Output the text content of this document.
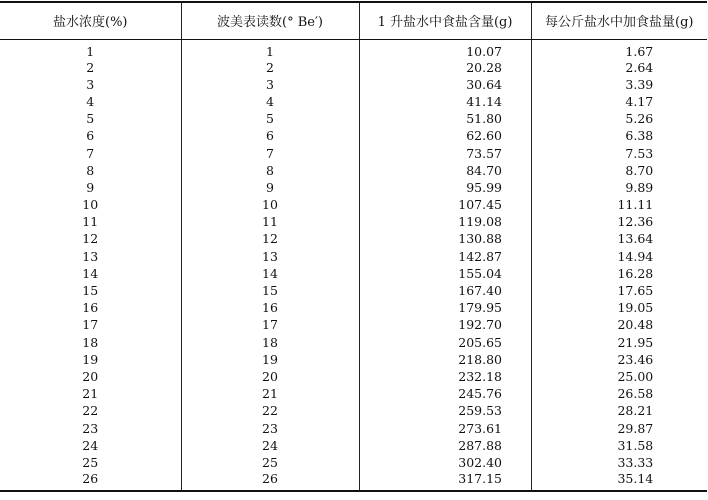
盐水浓度(%)	波美表读数(° Be′)	1 升盐水中食盐含量(g)	每公斤盐水中加食盐量(g)
1	1	10.07	1.67
2	2	20.28	2.64
3	3	30.64	3.39
4	4	41.14	4.17
5	5	51.80	5.26
6	6	62.60	6.38
7	7	73.57	7.53
8	8	84.70	8.70
9	9	95.99	9.89
10	10	107.45	11.11
11	11	119.08	12.36
12	12	130.88	13.64
13	13	142.87	14.94
14	14	155.04	16.28
15	15	167.40	17.65
16	16	179.95	19.05
17	17	192.70	20.48
18	18	205.65	21.95
19	19	218.80	23.46
20	20	232.18	25.00
21	21	245.76	26.58
22	22	259.53	28.21
23	23	273.61	29.87
24	24	287.88	31.58
25	25	302.40	33.33
26	26	317.15	35.14
